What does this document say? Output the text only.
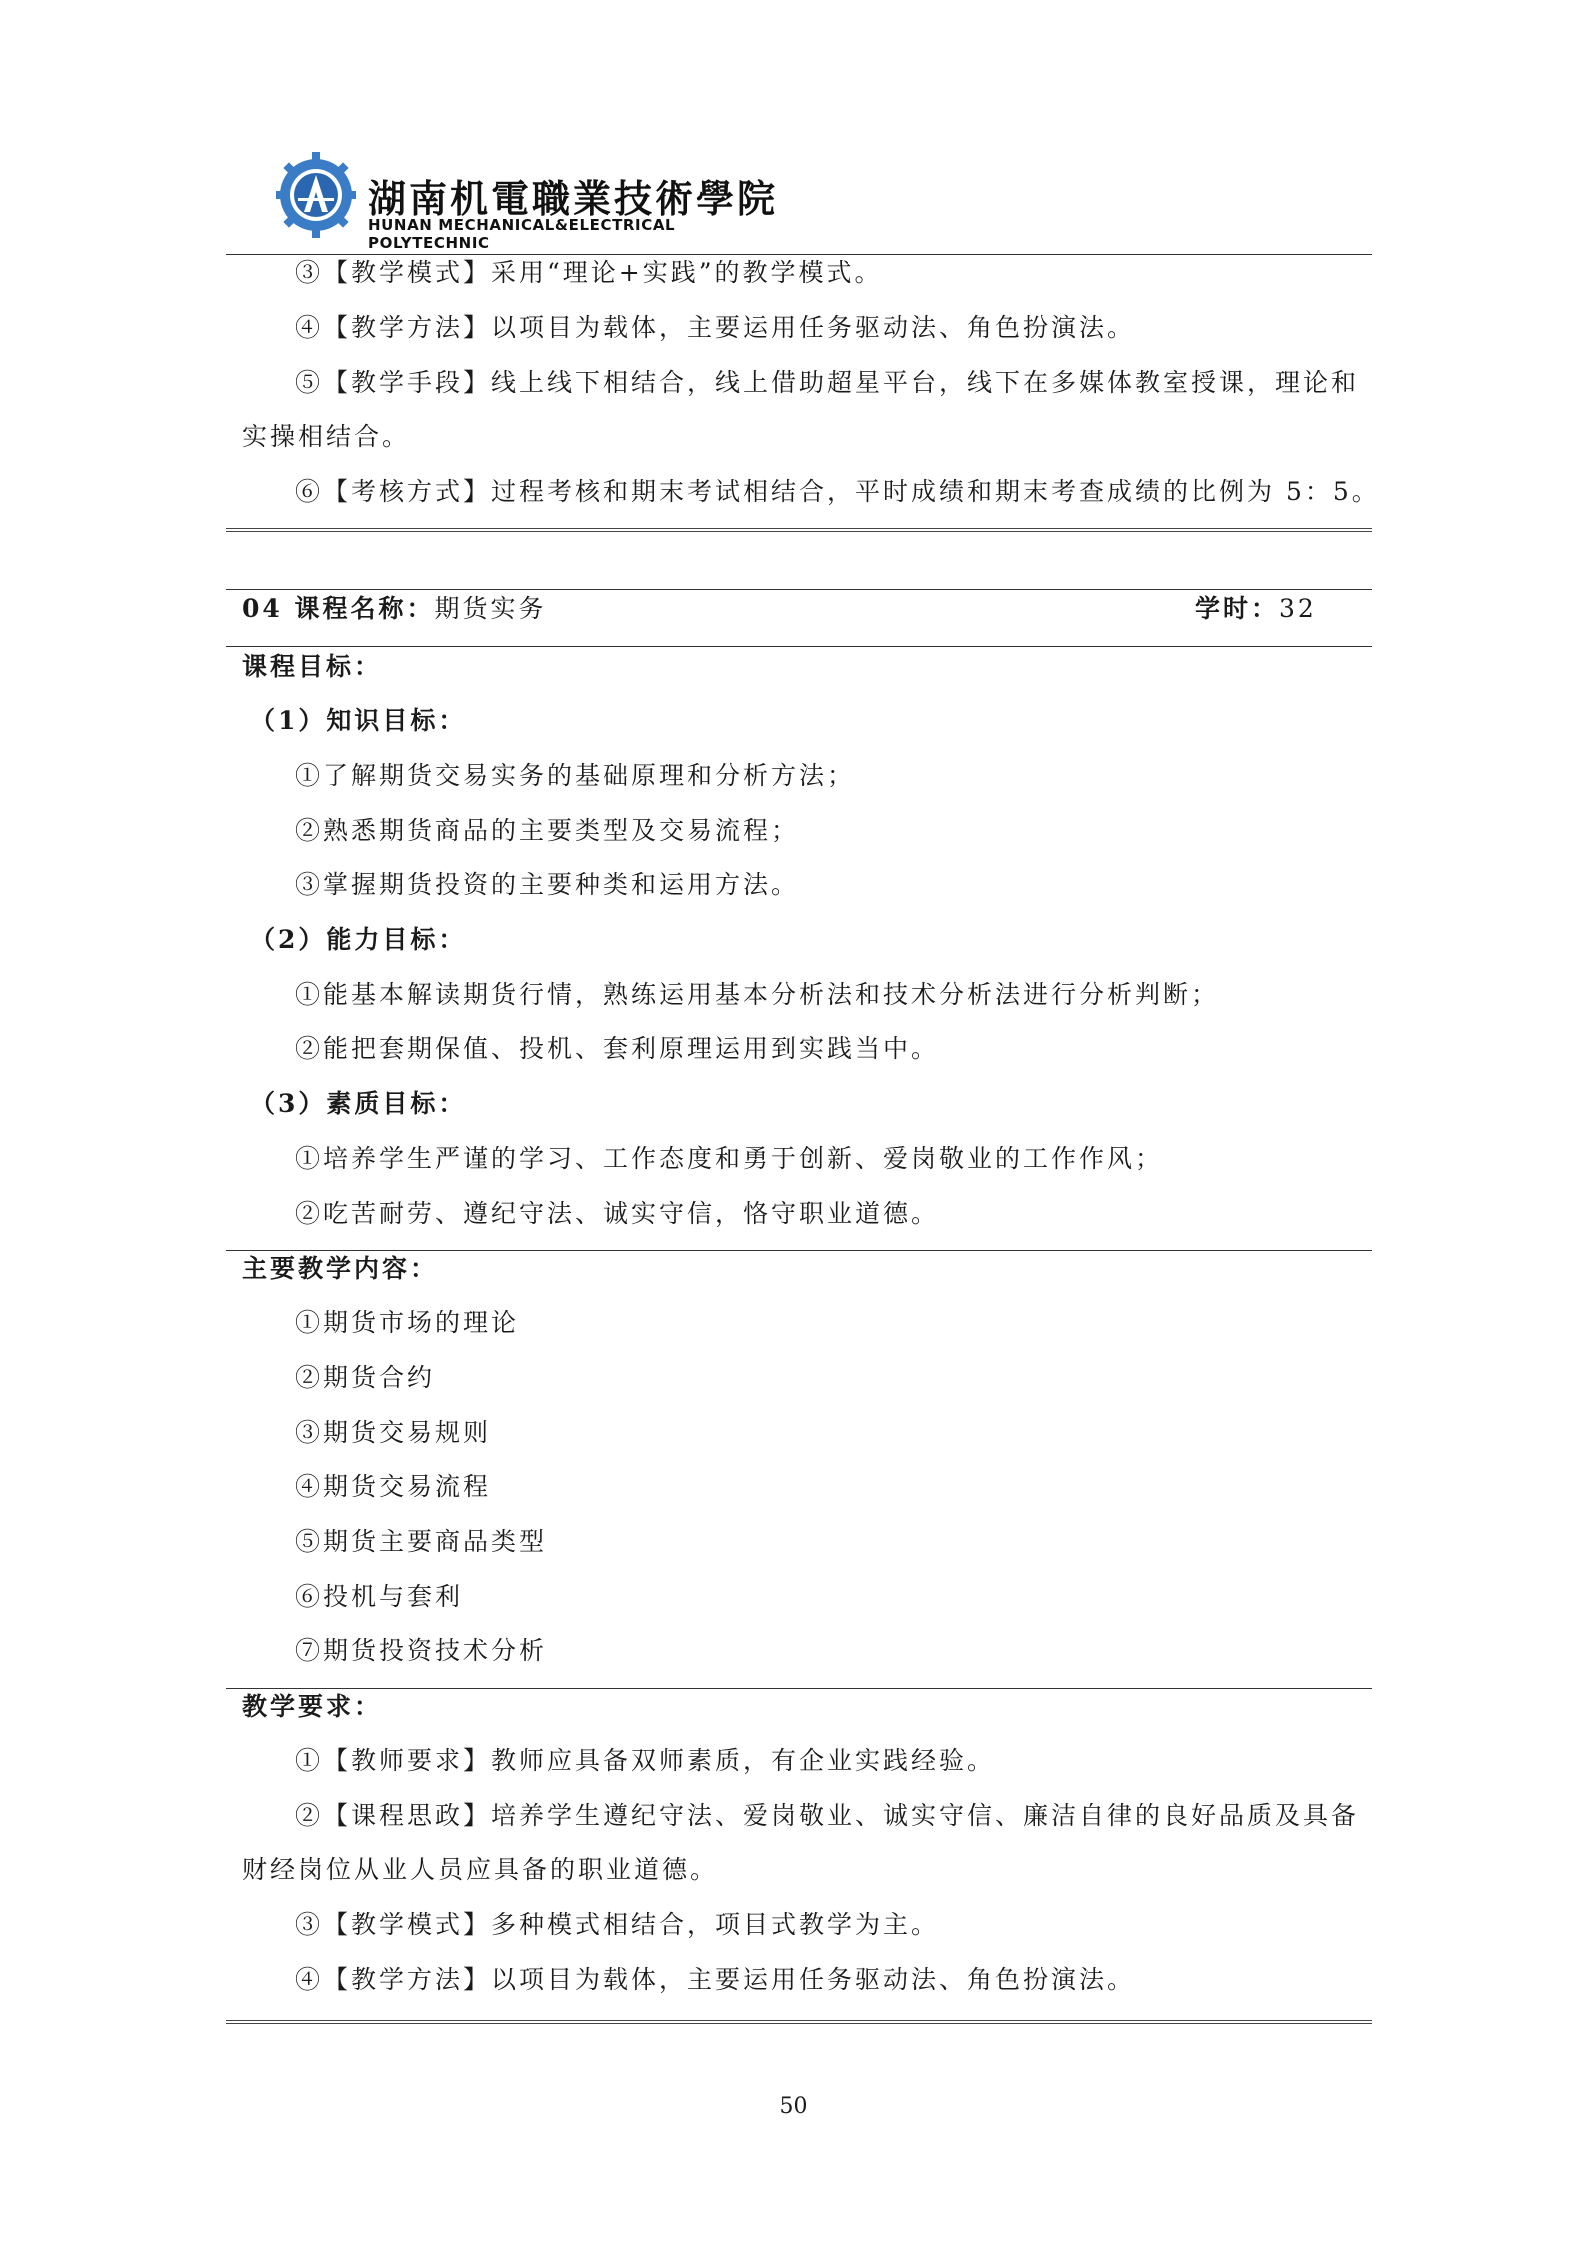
湖南机電職業技術學院
HUNAN MECHANICAL&ELECTRICAL POLYTECHNIC
③【教学模式】采用“理论+实践”的教学模式。
④【教学方法】以项目为载体，主要运用任务驱动法、角色扮演法。
⑤【教学手段】线上线下相结合，线上借助超星平台，线下在多媒体教室授课，理论和
实操相结合。
⑥【考核方式】过程考核和期末考试相结合，平时成绩和期末考查成绩的比例为 5：5。
04 课程名称：期货实务	学时：32
课程目标：
（1）知识目标：
①了解期货交易实务的基础原理和分析方法；
②熟悉期货商品的主要类型及交易流程；
③掌握期货投资的主要种类和运用方法。
（2）能力目标：
①能基本解读期货行情，熟练运用基本分析法和技术分析法进行分析判断；
②能把套期保值、投机、套利原理运用到实践当中。
（3）素质目标：
①培养学生严谨的学习、工作态度和勇于创新、爱岗敬业的工作作风；
②吃苦耐劳、遵纪守法、诚实守信，恪守职业道德。
主要教学内容：
①期货市场的理论
②期货合约
③期货交易规则
④期货交易流程
⑤期货主要商品类型
⑥投机与套利
⑦期货投资技术分析
教学要求：
①【教师要求】教师应具备双师素质，有企业实践经验。
②【课程思政】培养学生遵纪守法、爱岗敬业、诚实守信、廉洁自律的良好品质及具备
财经岗位从业人员应具备的职业道德。
③【教学模式】多种模式相结合，项目式教学为主。
④【教学方法】以项目为载体，主要运用任务驱动法、角色扮演法。
50
